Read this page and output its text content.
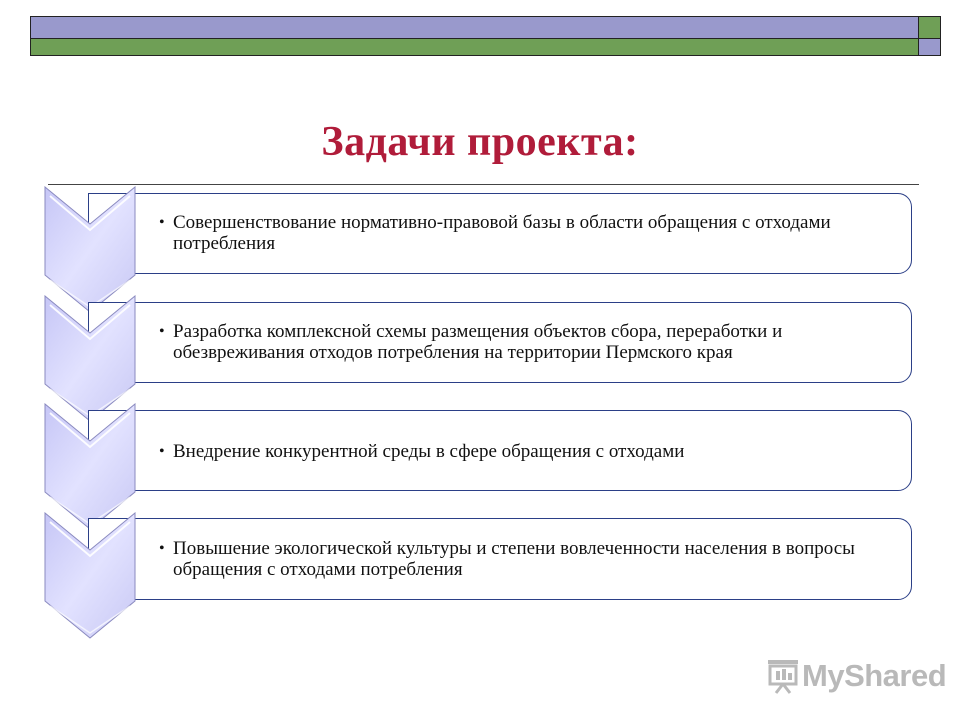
Задачи проекта:
• Совершенствование нормативно-правовой базы в области обращения с отходами потребления
• Разработка комплексной схемы размещения объектов сбора, переработки и обезвреживания отходов потребления на территории Пермского края
• Внедрение конкурентной среды в сфере обращения с отходами
• Повышение экологической культуры и степени вовлеченности населения в вопросы обращения с отходами потребления
MyShared
